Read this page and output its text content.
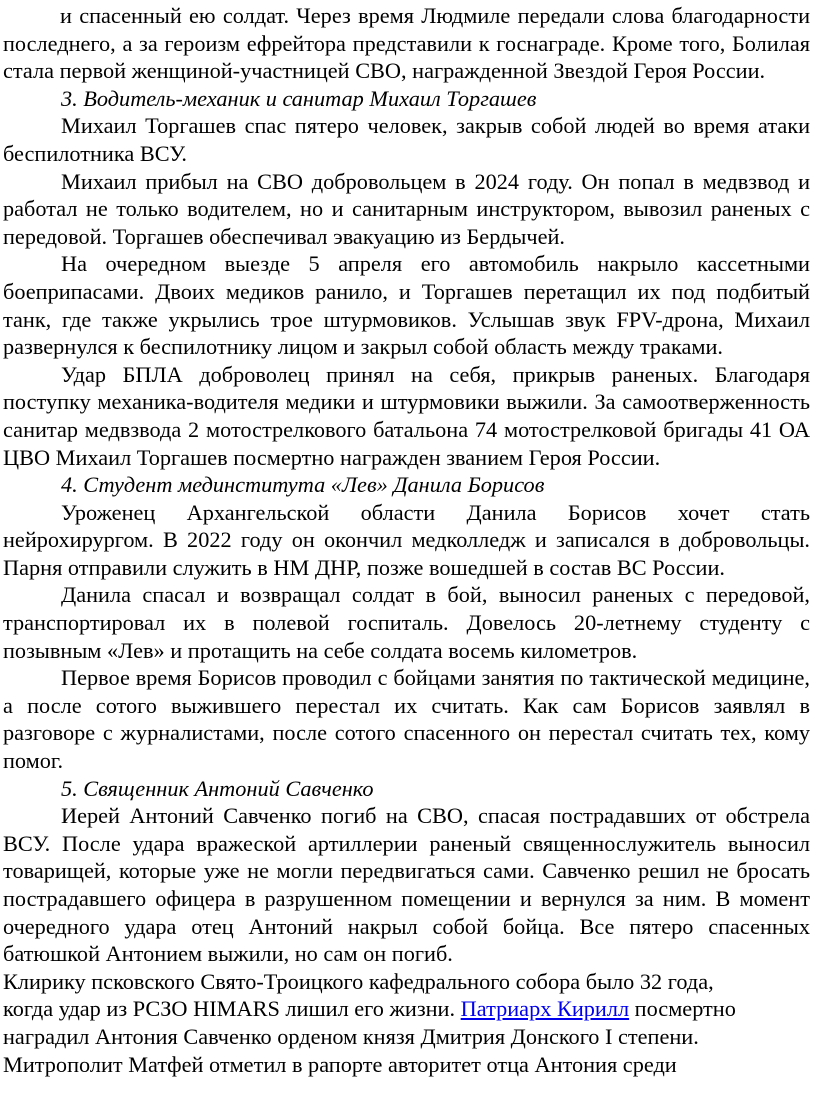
и спасенный ею солдат. Через время Людмиле передали слова благодарности последнего, а за героизм ефрейтора представили к госнаграде. Кроме того, Болилая стала первой женщиной-участницей СВО, награжденной Звездой Героя России.

3. Водитель-механик и санитар Михаил Торгашев

Михаил Торгашев спас пятеро человек, закрыв собой людей во время атаки беспилотника ВСУ.

Михаил прибыл на СВО добровольцем в 2024 году. Он попал в медвзвод и работал не только водителем, но и санитарным инструктором, вывозил раненых с передовой. Торгашев обеспечивал эвакуацию из Бердычей.

На очередном выезде 5 апреля его автомобиль накрыло кассетными боеприпасами. Двоих медиков ранило, и Торгашев перетащил их под подбитый танк, где также укрылись трое штурмовиков. Услышав звук FPV-дрона, Михаил развернулся к беспилотнику лицом и закрыл собой область между траками.

Удар БПЛА доброволец принял на себя, прикрыв раненых. Благодаря поступку механика-водителя медики и штурмовики выжили. За самоотверженность санитар медвзвода 2 мотострелкового батальона 74 мотострелковой бригады 41 ОА ЦВО Михаил Торгашев посмертно награжден званием Героя России.

4. Студент мединститута «Лев» Данила Борисов

Уроженец Архангельской области Данила Борисов хочет стать нейрохирургом. В 2022 году он окончил медколледж и записался в добровольцы. Парня отправили служить в НМ ДНР, позже вошедшей в состав ВС России.

Данила спасал и возвращал солдат в бой, выносил раненых с передовой, транспортировал их в полевой госпиталь. Довелось 20-летнему студенту с позывным «Лев» и протащить на себе солдата восемь километров.

Первое время Борисов проводил с бойцами занятия по тактической медицине, а после сотого выжившего перестал их считать. Как сам Борисов заявлял в разговоре с журналистами, после сотого спасенного он перестал считать тех, кому помог.

5. Священник Антоний Савченко

Иерей Антоний Савченко погиб на СВО, спасая пострадавших от обстрела ВСУ. После удара вражеской артиллерии раненый священнослужитель выносил товарищей, которые уже не могли передвигаться сами. Савченко решил не бросать пострадавшего офицера в разрушенном помещении и вернулся за ним. В момент очередного удара отец Антоний накрыл собой бойца. Все пятеро спасенных батюшкой Антонием выжили, но сам он погиб.

Клирику псковского Свято-Троицкого кафедрального собора было 32 года,
когда удар из РСЗО HIMARS лишил его жизни. Патриарх Кирилл посмертно
наградил Антония Савченко орденом князя Дмитрия Донского I степени.
Митрополит Матфей отметил в рапорте авторитет отца Антония среди
